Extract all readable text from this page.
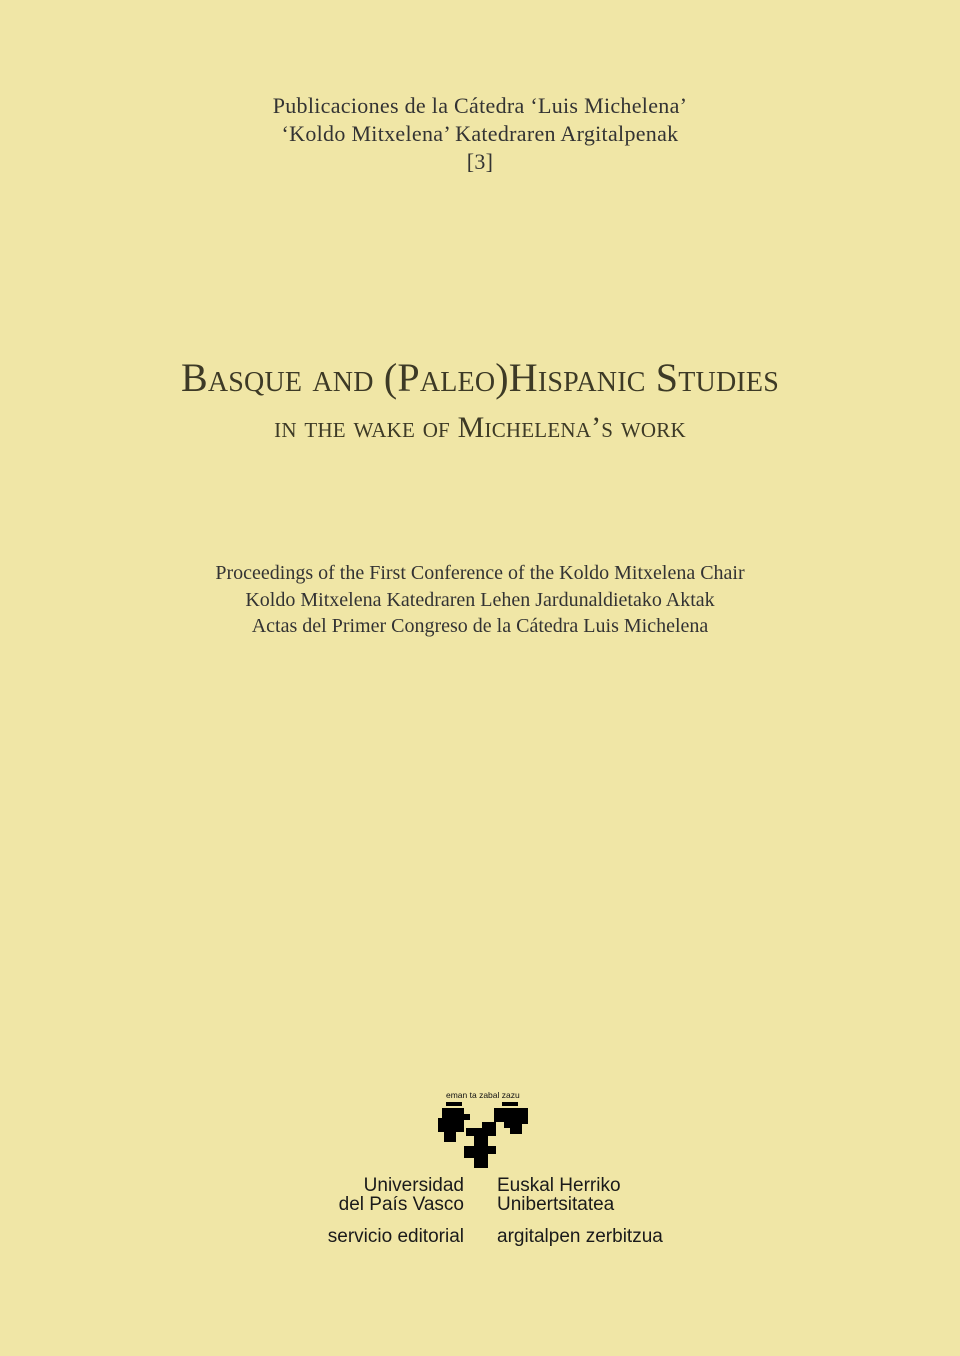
Publicaciones de la Cátedra ‘Luis Michelena’
‘Koldo Mitxelena’ Katedraren Argitalpenak
[3]
Basque and (Paleo)Hispanic Studies
in the wake of Michelena’s work
Proceedings of the First Conference of the Koldo Mitxelena Chair
Koldo Mitxelena Katedraren Lehen Jardunaldietako Aktak
Actas del Primer Congreso de la Cátedra Luis Michelena
eman ta zabal zazu
Universidad
del País Vasco
Euskal Herriko
Unibertsitatea
servicio editorial argitalpen zerbitzua
